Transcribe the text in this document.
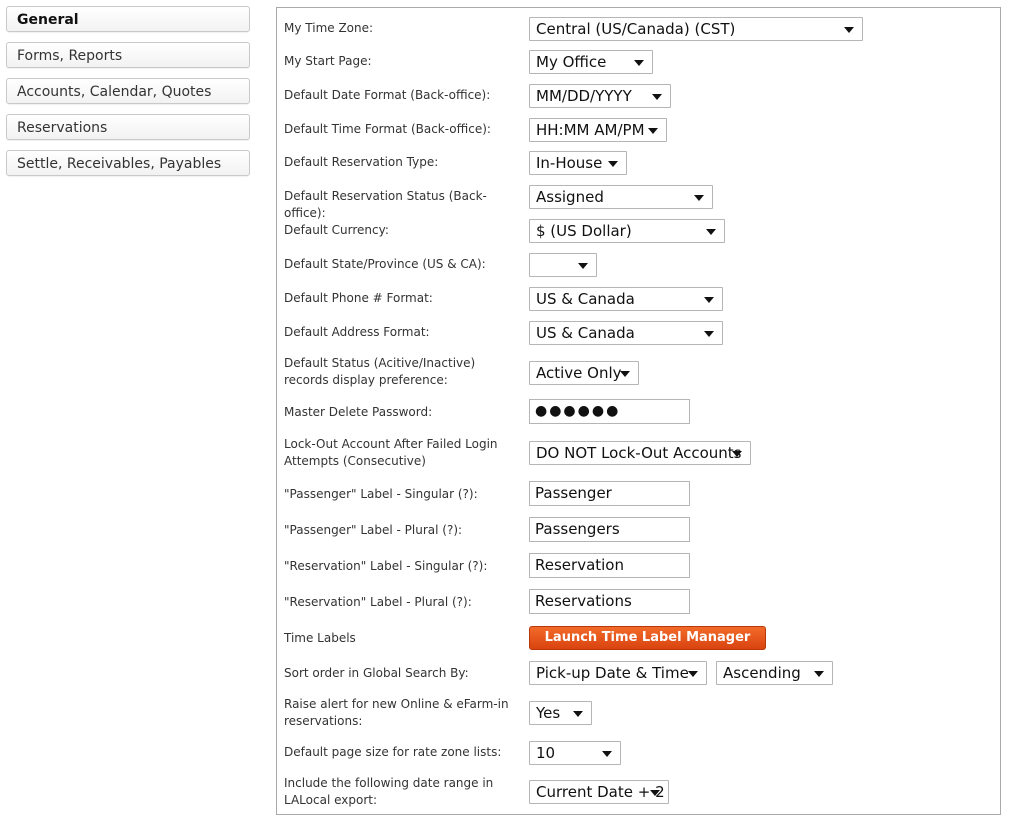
General
Forms, Reports
Accounts, Calendar, Quotes
Reservations
Settle, Receivables, Payables
My Time Zone:	Central (US/Canada) (CST)
My Start Page:	My Office
Default Date Format (Back-office):	MM/DD/YYYY
Default Time Format (Back-office):	HH:MM AM/PM
Default Reservation Type:	In-House
Default Reservation Status (Back-office):
Assigned
Default Currency:	$ (US Dollar)
Default State/Province (US & CA):
Default Phone # Format:	US & Canada
Default Address Format:	US & Canada
Default Status (Acitive/Inactive) records display preference:	Active Only
Master Delete Password:	●●●●●●
Lock-Out Account After Failed Login Attempts (Consecutive)	DO NOT Lock-Out Accounts
"Passenger" Label - Singular (?):	Passenger
"Passenger" Label - Plural (?):	Passengers
"Reservation" Label - Singular (?):	Reservation
"Reservation" Label - Plural (?):	Reservations
Time Labels	Launch Time Label Manager
Sort order in Global Search By:	Pick-up Date & Time	Ascending
Raise alert for new Online & eFarm-in reservations:	Yes
Default page size for rate zone lists:	10
Include the following date range in LALocal export:	Current Date + 2
